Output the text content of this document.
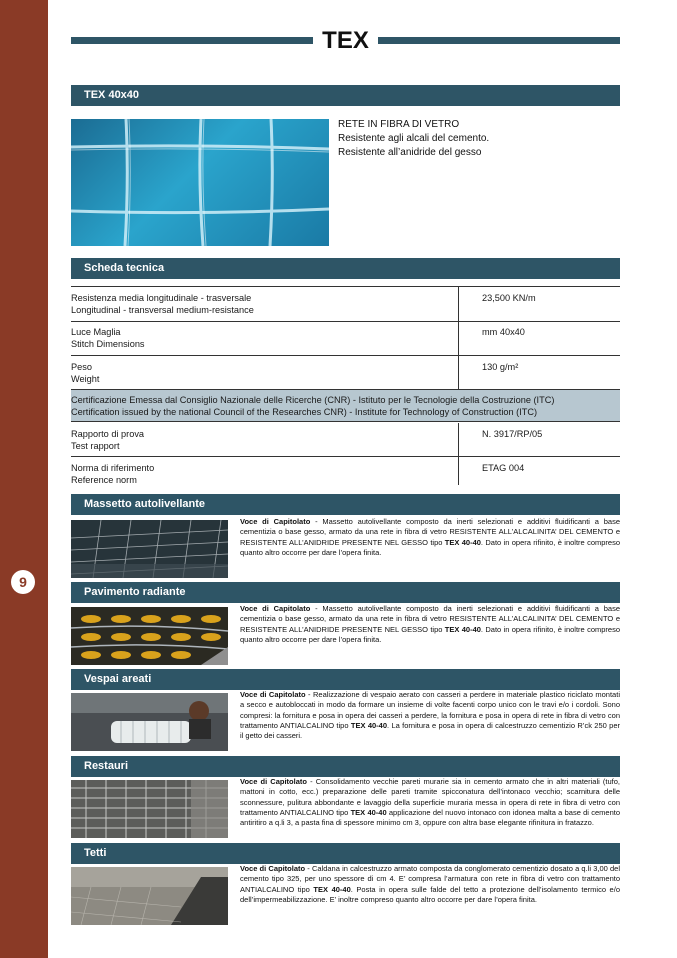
9
TEX
TEX 40x40
RETE IN FIBRA DI VETRO
Resistente agli alcali del cemento.
Resistente all’anidride del gesso
Scheda tecnica
Resistenza media longitudinale - trasversale
Longitudinal - transversal medium-resistance
23,500 KN/m
Luce Maglia
Stitch Dimensions
mm 40x40
Peso
Weight
130 g/m²
Certificazione Emessa dal Consiglio Nazionale delle Ricerche (CNR) - Istituto per le Tecnologie della Costruzione (ITC)
Certification issued by the national Council of the Researches CNR) - Institute for Technology of Construction (ITC)
Rapporto di prova
Test rapport
N. 3917/RP/05
Norma di riferimento
Reference norm
ETAG 004
Massetto autolivellante
Voce di Capitolato - Massetto autolivellante composto da inerti selezionati e additivi fluidificanti a base cementizia o base gesso, armato da una rete in fibra di vetro RESISTENTE ALL’ALCALINITA’ DEL CEMENTO e RESISTENTE ALL’ANIDRIDE PRESENTE NEL GESSO tipo TEX 40-40. Dato in opera rifinito, è inoltre compreso quanto altro occorre per dare l’opera finita.
Pavimento radiante
Voce di Capitolato - Massetto autolivellante composto da inerti selezionati e additivi fluidificanti a base cementizia o base gesso, armato da una rete in fibra di vetro RESISTENTE ALL’ALCALINITA’ DEL CEMENTO e RESISTENTE ALL’ANIDRIDE PRESENTE NEL GESSO tipo TEX 40-40. Dato in opera rifinito, è inoltre compreso quanto altro occorre per dare l’opera finita.
Vespai areati
Voce di Capitolato - Realizzazione di vespaio aerato con casseri a perdere in materiale plastico riciclato montati a secco e autobloccati in modo da formare un insieme di volte facenti corpo unico con le travi e/o i cordoli. Sono compresi: la fornitura e posa in opera dei casseri a perdere, la fornitura e posa in opera di rete in fibra di vetro con trattamento ANTIALCALINO tipo TEX 40-40. La fornitura e posa in opera di calcestruzzo cementizio R’ck 250 per il getto dei casseri.
Restauri
Voce di Capitolato - Consolidamento vecchie pareti murarie sia in cemento armato che in altri materiali (tufo, mattoni in cotto, ecc.) preparazione delle pareti tramite spicconatura dell’intonaco vecchio; scarnitura delle sconnessure, pulitura abbondante e lavaggio della superficie muraria messa in opera di rete in fibra di vetro con trattamento ANTIALCALINO tipo TEX 40-40 applicazione del nuovo intonaco con idonea malta a base di cemento antiritiro a q.li 3, a pasta fina di spessore minimo cm 3, oppure con altra base elegante rifinitura in fratazzo.
Tetti
Voce di Capitolato - Caldana in calcestruzzo armato composta da conglomerato cementizio dosato a q.li 3,00 del cemento tipo 325, per uno spessore di cm 4. E’ compresa l’armatura con rete in fibra di vetro con trattamento ANTIALCALINO tipo TEX 40-40. Posta in opera sulle falde del tetto a protezione dell’isolamento termico e/o dell’impermeabilizzazione. E’ inoltre compreso quanto altro occorre per dare l’opera finita.
